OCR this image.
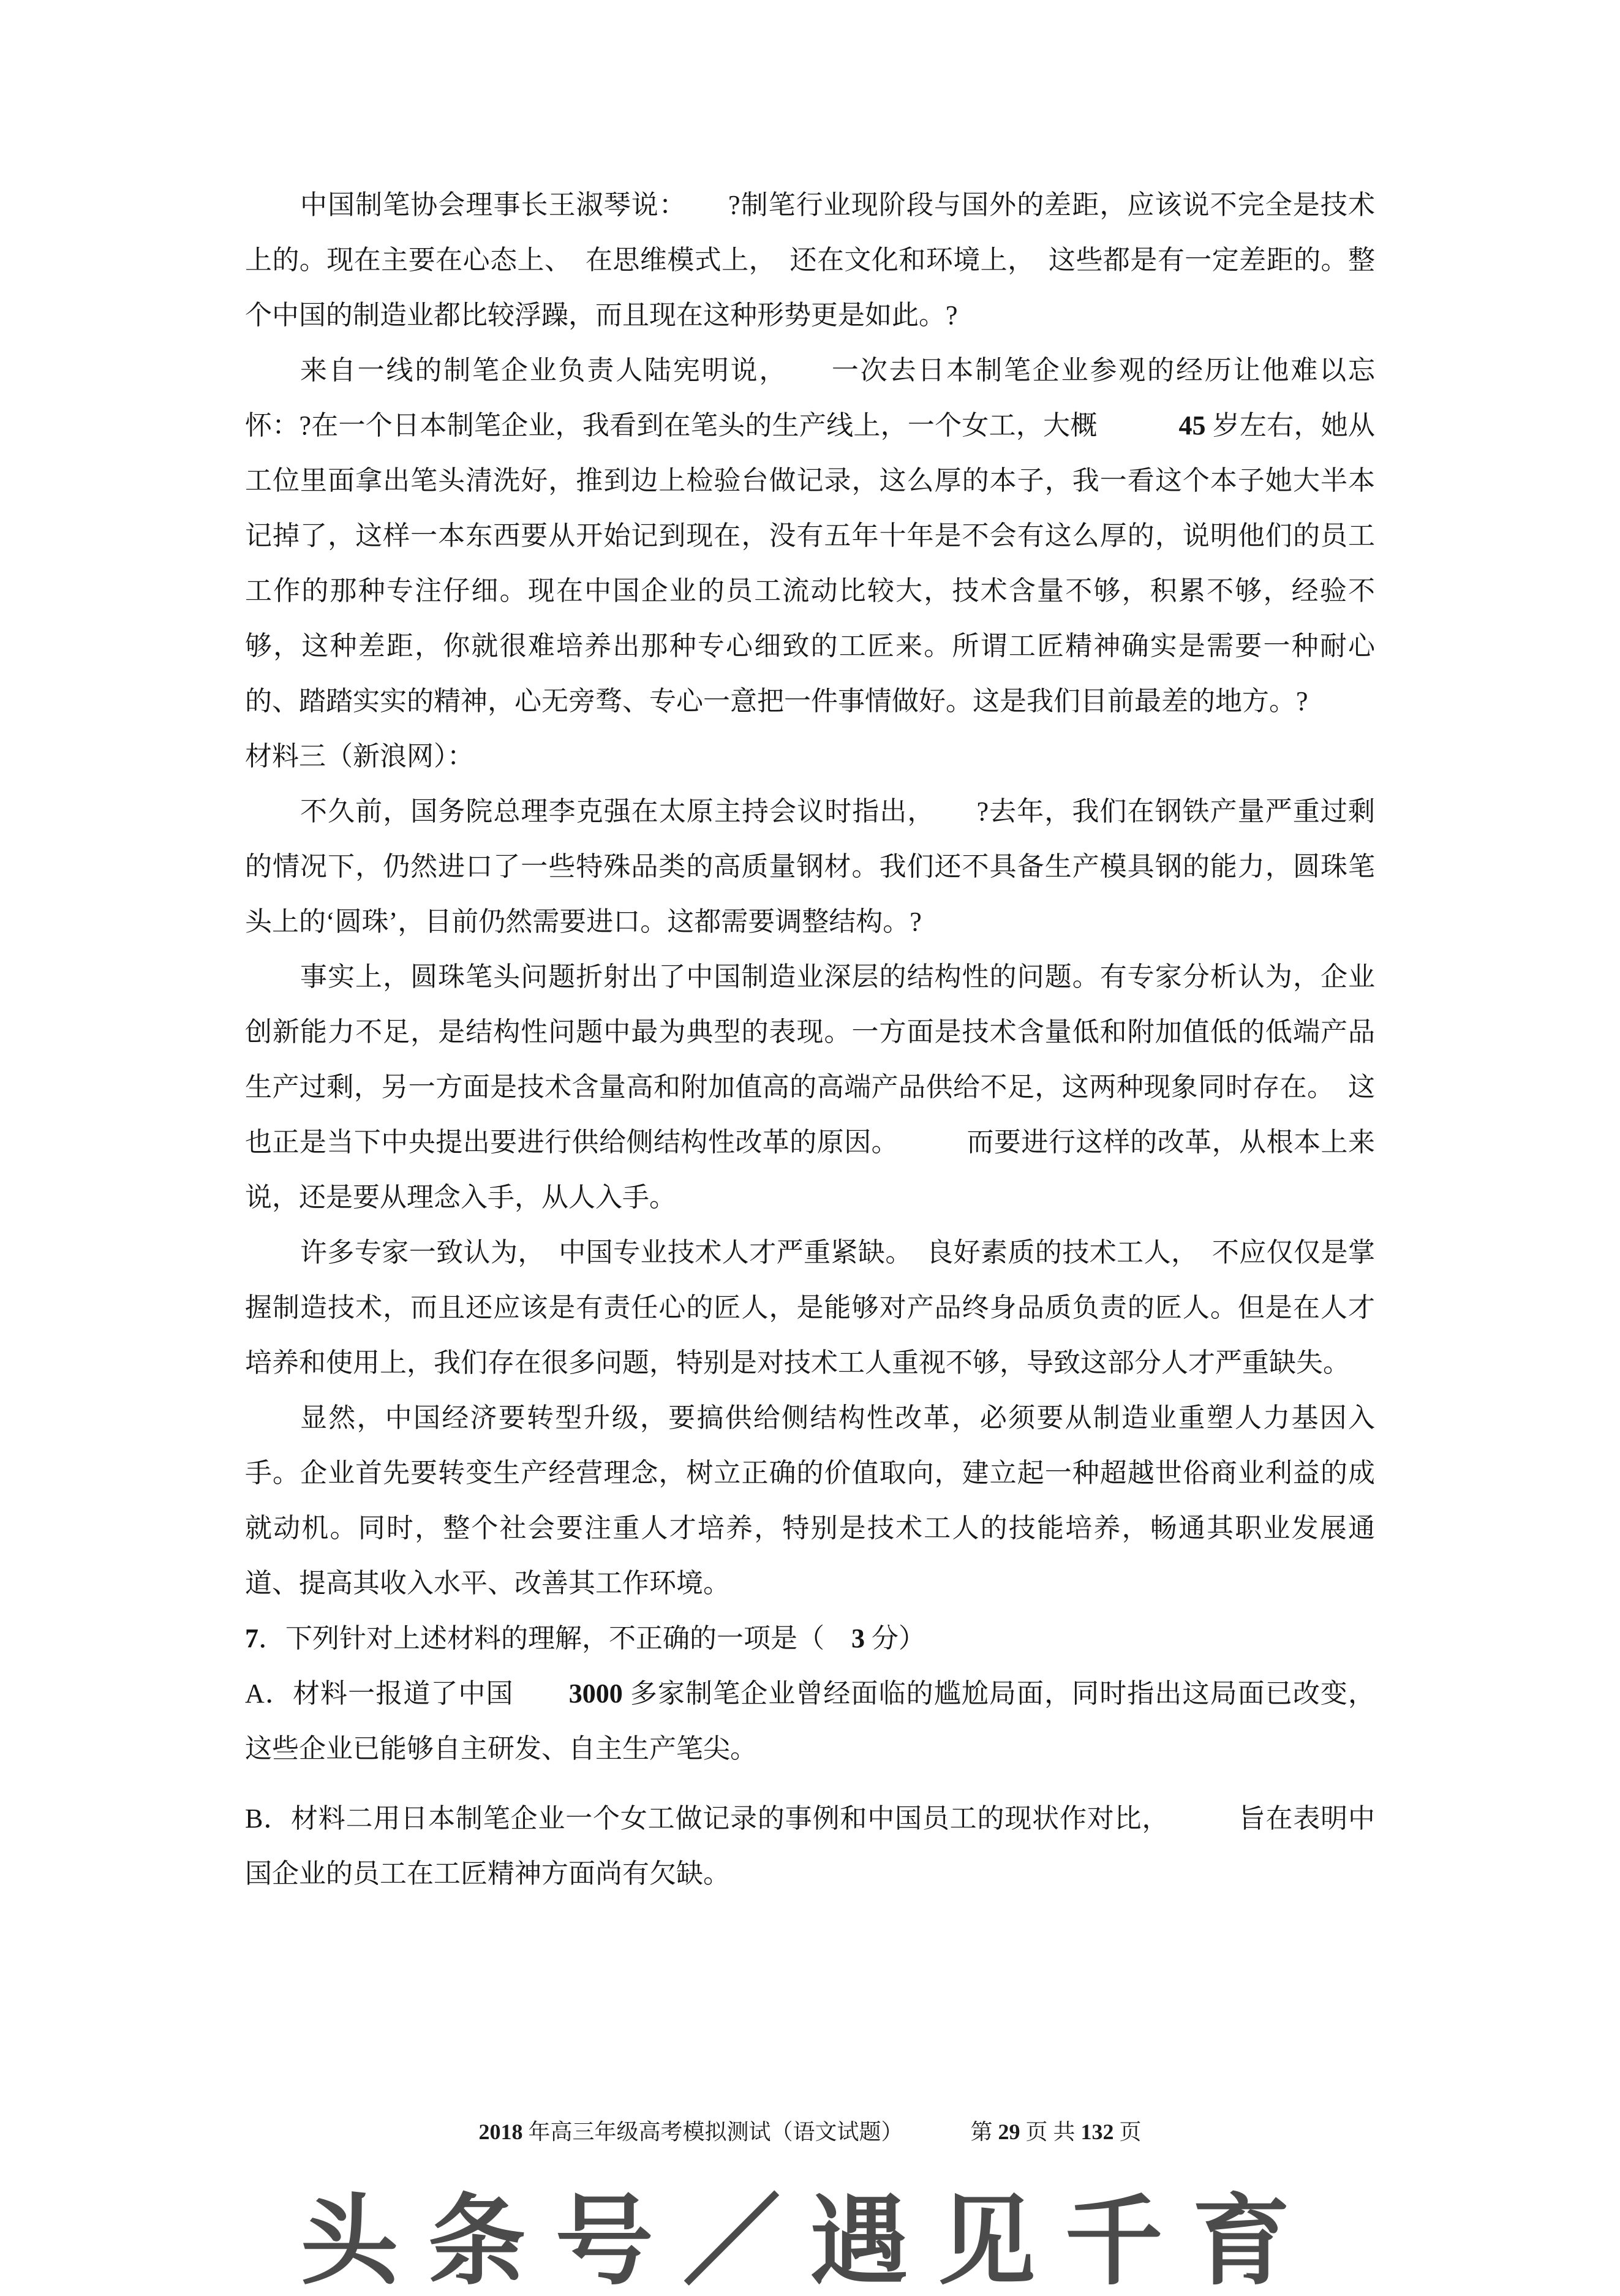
中国制笔协会理事长王淑琴说：　　?制笔行业现阶段与国外的差距，应该说不完全是技术上的。现在主要在心态上、　在思维模式上，　还在文化和环境上，　这些都是有一定差距的。整个中国的制造业都比较浮躁，而且现在这种形势更是如此。?

来自一线的制笔企业负责人陆宪明说，　　一次去日本制笔企业参观的经历让他难以忘怀：?在一个日本制笔企业，我看到在笔头的生产线上，一个女工，大概　　　45 岁左右，她从工位里面拿出笔头清洗好，推到边上检验台做记录，这么厚的本子，我一看这个本子她大半本记掉了，这样一本东西要从开始记到现在，没有五年十年是不会有这么厚的，说明他们的员工工作的那种专注仔细。现在中国企业的员工流动比较大，技术含量不够，积累不够，经验不够，这种差距，你就很难培养出那种专心细致的工匠来。所谓工匠精神确实是需要一种耐心的、踏踏实实的精神，心无旁骛、专心一意把一件事情做好。这是我们目前最差的地方。?

材料三（新浪网）：

不久前，国务院总理李克强在太原主持会议时指出，　　?去年，我们在钢铁产量严重过剩的情况下，仍然进口了一些特殊品类的高质量钢材。我们还不具备生产模具钢的能力，圆珠笔头上的‘圆珠’，目前仍然需要进口。这都需要调整结构。?

事实上，圆珠笔头问题折射出了中国制造业深层的结构性的问题。有专家分析认为，企业创新能力不足，是结构性问题中最为典型的表现。一方面是技术含量低和附加值低的低端产品生产过剩，另一方面是技术含量高和附加值高的高端产品供给不足，这两种现象同时存在。　这也正是当下中央提出要进行供给侧结构性改革的原因。　　　而要进行这样的改革，从根本上来说，还是要从理念入手，从人入手。

许多专家一致认为，　中国专业技术人才严重紧缺。　良好素质的技术工人，　不应仅仅是掌握制造技术，而且还应该是有责任心的匠人，是能够对产品终身品质负责的匠人。但是在人才培养和使用上，我们存在很多问题，特别是对技术工人重视不够，导致这部分人才严重缺失。

显然，中国经济要转型升级，要搞供给侧结构性改革，必须要从制造业重塑人力基因入手。企业首先要转变生产经营理念，树立正确的价值取向，建立起一种超越世俗商业利益的成就动机。同时，整个社会要注重人才培养，特别是技术工人的技能培养，畅通其职业发展通道、提高其收入水平、改善其工作环境。

7．下列针对上述材料的理解，不正确的一项是（　3 分）

A．材料一报道了中国　　3000 多家制笔企业曾经面临的尴尬局面，同时指出这局面已改变，这些企业已能够自主研发、自主生产笔尖。

B．材料二用日本制笔企业一个女工做记录的事例和中国员工的现状作对比，　　　旨在表明中国企业的员工在工匠精神方面尚有欠缺。

2018 年高三年级高考模拟测试（语文试题）	第 29 页 共 132 页
头条号／遇见千育
